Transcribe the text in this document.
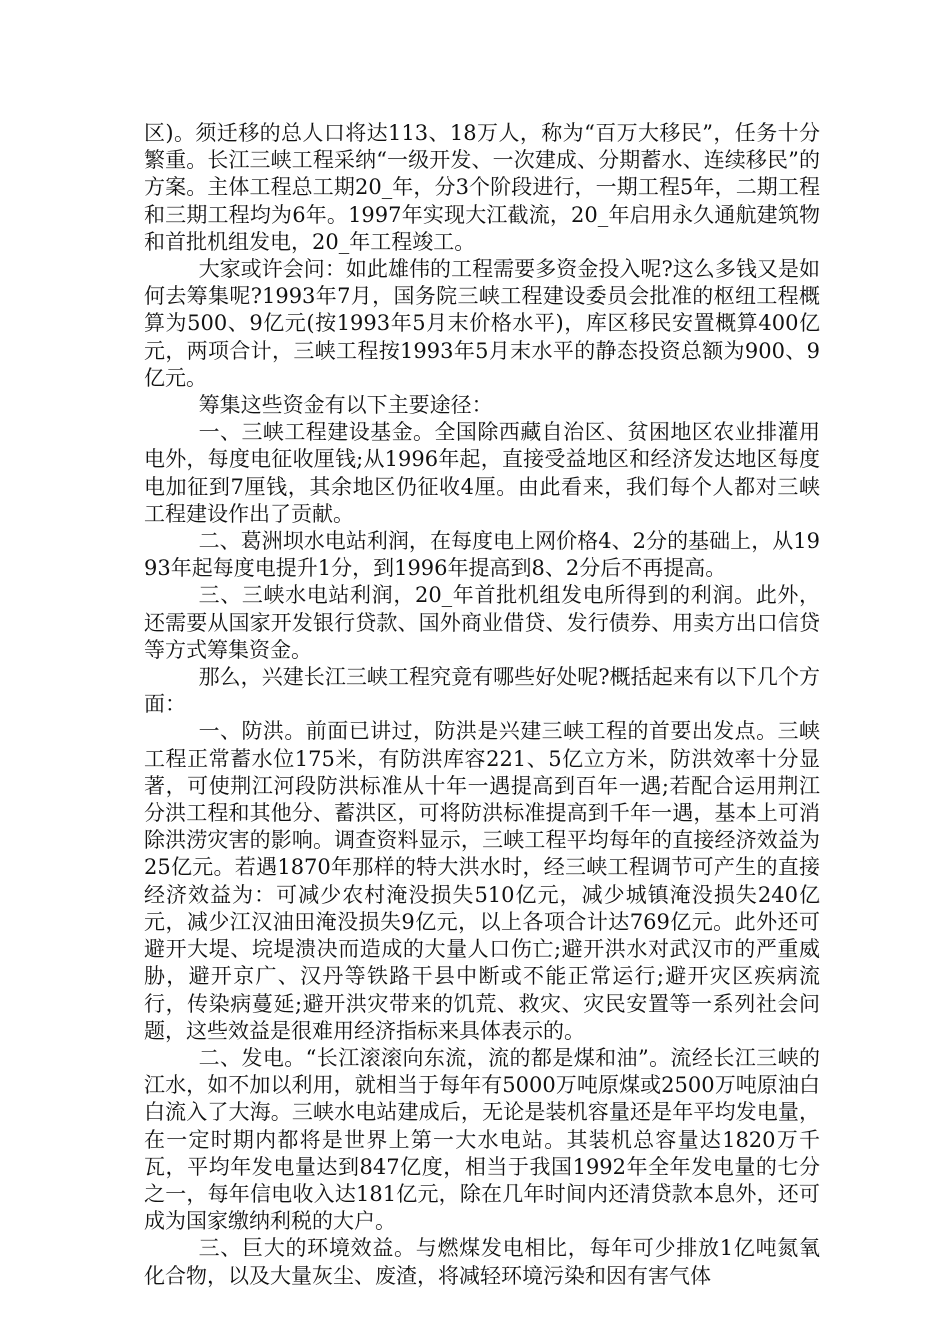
区)。须迁移的总人口将达113、18万人，称为“百万大移民”，任务十分繁重。长江三峡工程采纳“一级开发、一次建成、分期蓄水、连续移民”的方案。主体工程总工期20_年，分3个阶段进行，一期工程5年，二期工程和三期工程均为6年。1997年实现大江截流，20_年启用永久通航建筑物和首批机组发电，20_年工程竣工。

大家或许会问：如此雄伟的工程需要多资金投入呢?这么多钱又是如何去筹集呢?1993年7月，国务院三峡工程建设委员会批准的枢纽工程概算为500、9亿元(按1993年5月末价格水平)，库区移民安置概算400亿元，两项合计，三峡工程按1993年5月末水平的静态投资总额为900、9亿元。

筹集这些资金有以下主要途径：

一、三峡工程建设基金。全国除西藏自治区、贫困地区农业排灌用电外，每度电征收厘钱;从1996年起，直接受益地区和经济发达地区每度电加征到7厘钱，其余地区仍征收4厘。由此看来，我们每个人都对三峡工程建设作出了贡献。

二、葛洲坝水电站利润，在每度电上网价格4、2分的基础上，从1993年起每度电提升1分，到1996年提高到8、2分后不再提高。

三、三峡水电站利润，20_年首批机组发电所得到的利润。此外，还需要从国家开发银行贷款、国外商业借贷、发行债券、用卖方出口信贷等方式筹集资金。

那么，兴建长江三峡工程究竟有哪些好处呢?概括起来有以下几个方面：

一、防洪。前面已讲过，防洪是兴建三峡工程的首要出发点。三峡工程正常蓄水位175米，有防洪库容221、5亿立方米，防洪效率十分显著，可使荆江河段防洪标准从十年一遇提高到百年一遇;若配合运用荆江分洪工程和其他分、蓄洪区，可将防洪标准提高到千年一遇，基本上可消除洪涝灾害的影响。调查资料显示，三峡工程平均每年的直接经济效益为25亿元。若遇1870年那样的特大洪水时，经三峡工程调节可产生的直接经济效益为：可减少农村淹没损失510亿元，减少城镇淹没损失240亿元，减少江汉油田淹没损失9亿元，以上各项合计达769亿元。此外还可避开大堤、垸堤溃决而造成的大量人口伤亡;避开洪水对武汉市的严重威胁，避开京广、汉丹等铁路干县中断或不能正常运行;避开灾区疾病流行，传染病蔓延;避开洪灾带来的饥荒、救灾、灾民安置等一系列社会问题，这些效益是很难用经济指标来具体表示的。

二、发电。“长江滚滚向东流，流的都是煤和油”。流经长江三峡的江水，如不加以利用，就相当于每年有5000万吨原煤或2500万吨原油白白流入了大海。三峡水电站建成后，无论是装机容量还是年平均发电量，在一定时期内都将是世界上第一大水电站。其装机总容量达1820万千瓦，平均年发电量达到847亿度，相当于我国1992年全年发电量的七分之一，每年信电收入达181亿元，除在几年时间内还清贷款本息外，还可成为国家缴纳利税的大户。

三、巨大的环境效益。与燃煤发电相比，每年可少排放1亿吨氮氧化合物，以及大量灰尘、废渣，将减轻环境污染和因有害气体
